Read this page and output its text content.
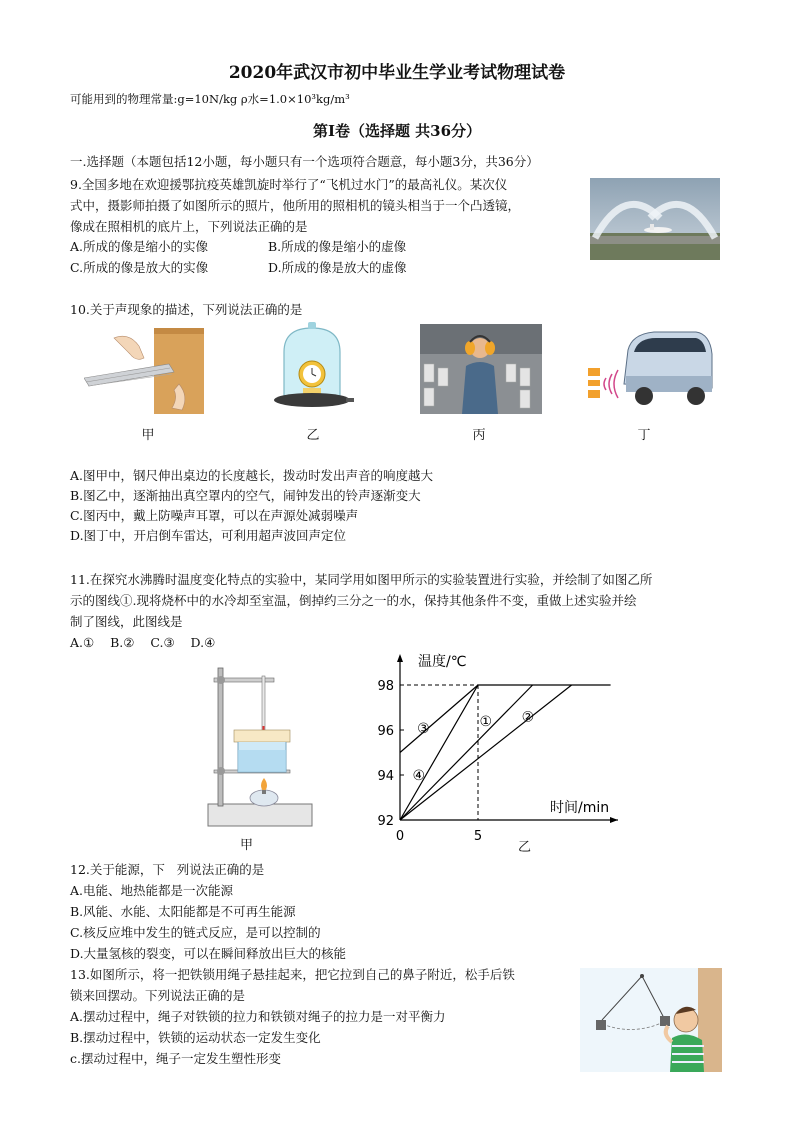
2020年武汉市初中毕业生学业考试物理试卷
可能用到的物理常量:g=10N/kg ρ水=1.0×10³kg/m³
第Ⅰ卷（选择题 共36分）
一.选择题（本题包括12小题，每小题只有一个选项符合题意，每小题3分，共36分）
9.全国多地在欢迎援鄂抗疫英雄凯旋时举行了“飞机过水门”的最高礼仪。某次仪
式中，摄影师拍摄了如图所示的照片，他所用的照相机的镜头相当于一个凸透镜，
像成在照相机的底片上，下列说法正确的是
A.所成的像是缩小的实像	B.所成的像是缩小的虚像
C.所成的像是放大的实像	D.所成的像是放大的虚像
10.关于声现象的描述，下列说法正确的是
甲	乙	丙	丁
A.图甲中，钢尺伸出桌边的长度越长，拨动时发出声音的响度越大
B.图乙中，逐渐抽出真空罩内的空气，闹钟发出的铃声逐渐变大
C.图丙中，戴上防噪声耳罩，可以在声源处减弱噪声
D.图丁中，开启倒车雷达，可利用超声波回声定位
11.在探究水沸腾时温度变化特点的实验中，某同学用如图甲所示的实验装置进行实验，并绘制了如图乙所
示的图线①.现将烧杯中的水冷却至室温，倒掉约三分之一的水，保持其他条件不变，重做上述实验并绘
制了图线，此图线是
A.①    B.②    C.③    D.④
甲
温度/℃
时间/min
92
94
96
98
0	5
① ②
③
④
乙
12.关于能源，下   列说法正确的是
A.电能、地热能都是一次能源
B.风能、水能、太阳能都是不可再生能源
C.核反应堆中发生的链式反应，是可以控制的
D.大量氢核的裂变，可以在瞬间释放出巨大的核能
13.如图所示，将一把铁锁用绳子悬挂起来，把它拉到自己的鼻子附近，松手后铁
锁来回摆动。下列说法正确的是
A.摆动过程中，绳子对铁锁的拉力和铁锁对绳子的拉力是一对平衡力
B.摆动过程中，铁锁的运动状态一定发生变化
c.摆动过程中，绳子一定发生塑性形变
